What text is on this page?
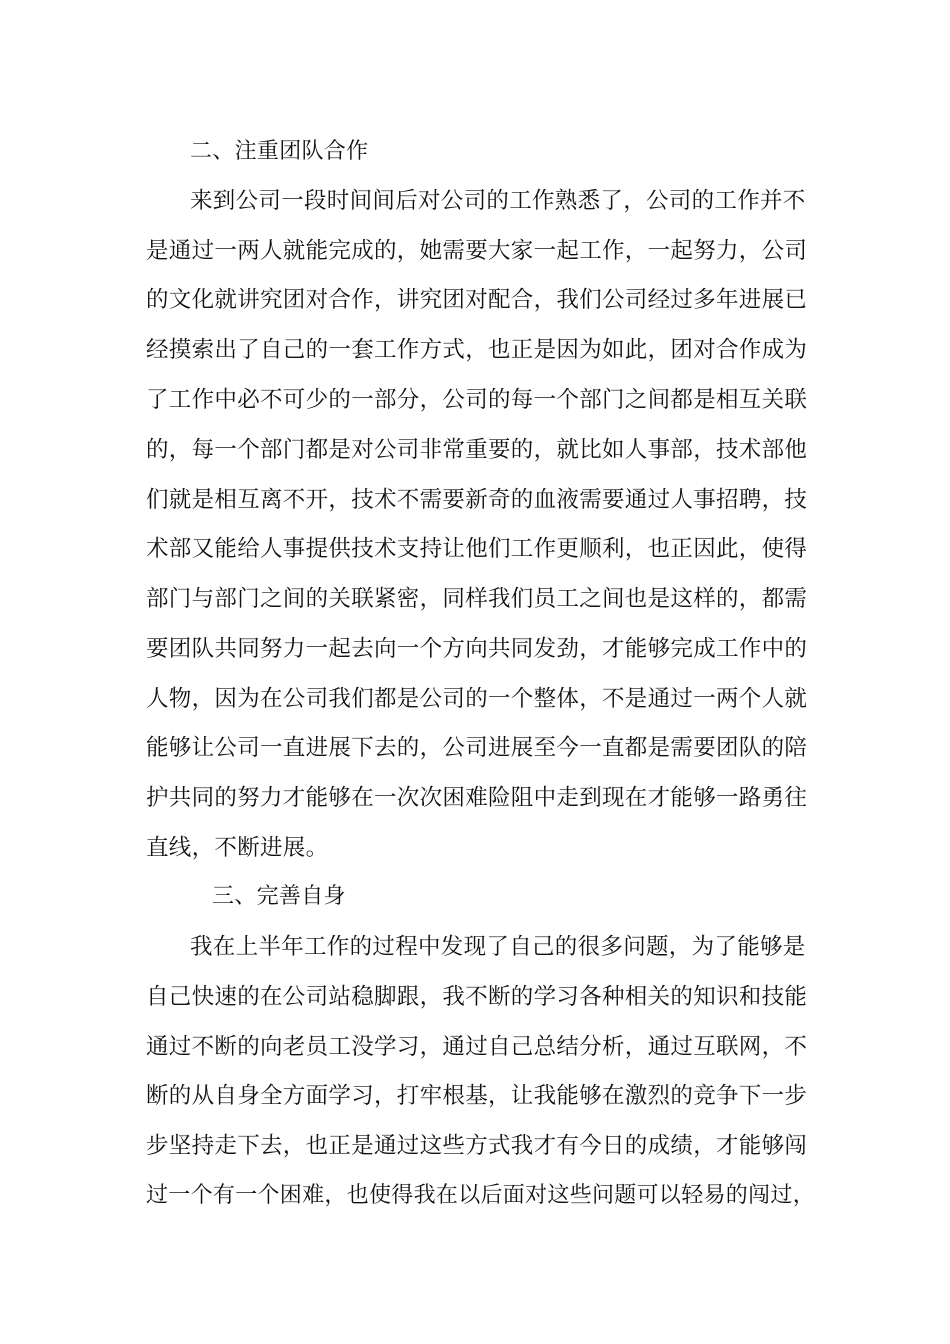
二、注重团队合作
来到公司一段时间间后对公司的工作熟悉了，公司的工作并不
是通过一两人就能完成的，她需要大家一起工作，一起努力，公司
的文化就讲究团对合作，讲究团对配合，我们公司经过多年进展已
经摸索出了自己的一套工作方式，也正是因为如此，团对合作成为
了工作中必不可少的一部分，公司的每一个部门之间都是相互关联
的，每一个部门都是对公司非常重要的，就比如人事部，技术部他
们就是相互离不开，技术不需要新奇的血液需要通过人事招聘，技
术部又能给人事提供技术支持让他们工作更顺利，也正因此，使得
部门与部门之间的关联紧密，同样我们员工之间也是这样的，都需
要团队共同努力一起去向一个方向共同发劲，才能够完成工作中的
人物，因为在公司我们都是公司的一个整体，不是通过一两个人就
能够让公司一直进展下去的，公司进展至今一直都是需要团队的陪
护共同的努力才能够在一次次困难险阻中走到现在才能够一路勇往
直线，不断进展。
三、完善自身
我在上半年工作的过程中发现了自己的很多问题，为了能够是
自己快速的在公司站稳脚跟，我不断的学习各种相关的知识和技能
通过不断的向老员工没学习，通过自己总结分析，通过互联网，不
断的从自身全方面学习，打牢根基，让我能够在激烈的竞争下一步
步坚持走下去，也正是通过这些方式我才有今日的成绩，才能够闯
过一个有一个困难，也使得我在以后面对这些问题可以轻易的闯过，
